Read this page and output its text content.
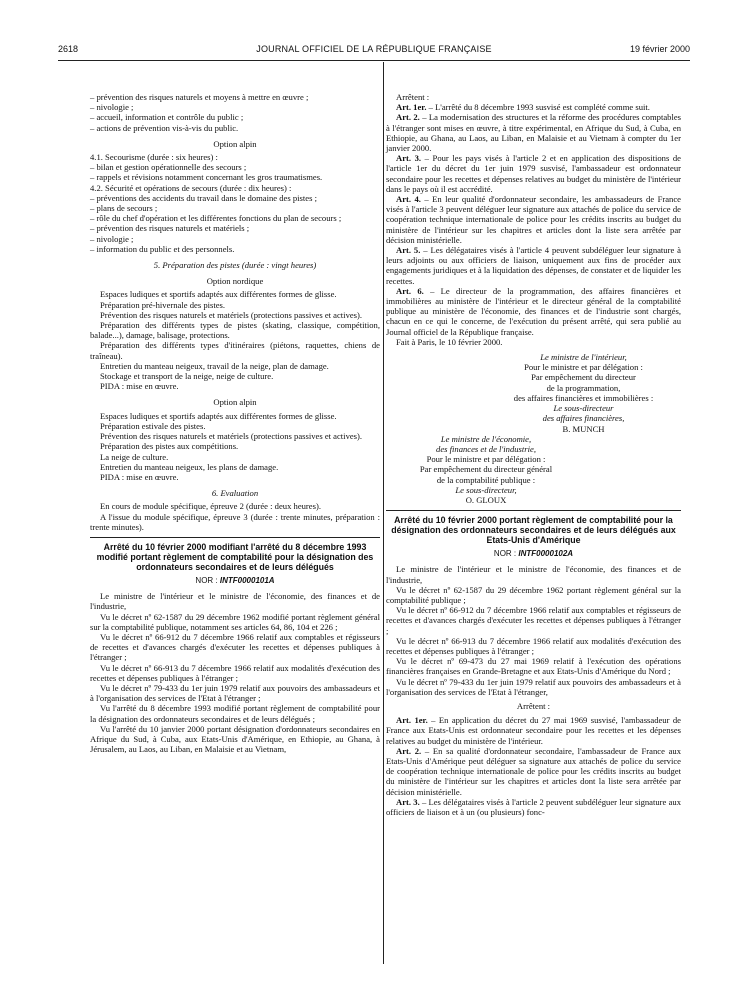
2618	JOURNAL OFFICIEL DE LA RÉPUBLIQUE FRANÇAISE	19 février 2000

– prévention des risques naturels et moyens à mettre en œuvre ;

– nivologie ;

– accueil, information et contrôle du public ;

– actions de prévention vis-à-vis du public.

Option alpin

4.1. Secourisme (durée : six heures) :

– bilan et gestion opérationnelle des secours ;

– rappels et révisions notamment concernant les gros traumatismes.

4.2. Sécurité et opérations de secours (durée : dix heures) :

– préventions des accidents du travail dans le domaine des pistes ;

– plans de secours ;

– rôle du chef d'opération et les différentes fonctions du plan de secours ;

– prévention des risques naturels et matériels ;

– nivologie ;

– information du public et des personnels.

5. Préparation des pistes (durée : vingt heures)

Option nordique

Espaces ludiques et sportifs adaptés aux différentes formes de glisse.

Préparation pré-hivernale des pistes.

Prévention des risques naturels et matériels (protections passives et actives).

Préparation des différents types de pistes (skating, classique, compétition, balade...), damage, balisage, protections.

Préparation des différents types d'itinéraires (piétons, raquettes, chiens de traîneau).

Entretien du manteau neigeux, travail de la neige, plan de damage.

Stockage et transport de la neige, neige de culture.

PIDA : mise en œuvre.

Option alpin

Espaces ludiques et sportifs adaptés aux différentes formes de glisse.

Préparation estivale des pistes.

Prévention des risques naturels et matériels (protections passives et actives).

Préparation des pistes aux compétitions.

La neige de culture.

Entretien du manteau neigeux, les plans de damage.

PIDA : mise en œuvre.

6. Evaluation

En cours de module spécifique, épreuve 2 (durée : deux heures).

A l'issue du module spécifique, épreuve 3 (durée : trente minutes, préparation : trente minutes).

Arrêté du 10 février 2000 modifiant l'arrêté du 8 décembre 1993 modifié portant règlement de comptabilité pour la désignation des ordonnateurs secondaires et de leurs délégués

NOR : INTF0000101A

Le ministre de l'intérieur et le ministre de l'économie, des finances et de l'industrie,

Vu le décret nº 62-1587 du 29 décembre 1962 modifié portant règlement général sur la comptabilité publique, notamment ses articles 64, 86, 104 et 226 ;

Vu le décret nº 66-912 du 7 décembre 1966 relatif aux comptables et régisseurs de recettes et d'avances chargés d'exécuter les recettes et dépenses publiques à l'étranger ;

Vu le décret nº 66-913 du 7 décembre 1966 relatif aux modalités d'exécution des recettes et dépenses publiques à l'étranger ;

Vu le décret nº 79-433 du 1er juin 1979 relatif aux pouvoirs des ambassadeurs et à l'organisation des services de l'Etat à l'étranger ;

Vu l'arrêté du 8 décembre 1993 modifié portant règlement de comptabilité pour la désignation des ordonnateurs secondaires et de leurs délégués ;

Vu l'arrêté du 10 janvier 2000 portant désignation d'ordonnateurs secondaires en Afrique du Sud, à Cuba, aux Etats-Unis d'Amérique, en Ethiopie, au Ghana, à Jérusalem, au Laos, au Liban, en Malaisie et au Vietnam,

Arrêtent :

Art. 1er. – L'arrêté du 8 décembre 1993 susvisé est complété comme suit.

Art. 2. – La modernisation des structures et la réforme des procédures comptables à l'étranger sont mises en œuvre, à titre expérimental, en Afrique du Sud, à Cuba, en Ethiopie, au Ghana, au Laos, au Liban, en Malaisie et au Vietnam à compter du 1er janvier 2000.

Art. 3. – Pour les pays visés à l'article 2 et en application des dispositions de l'article 1er du décret du 1er juin 1979 susvisé, l'ambassadeur est ordonnateur secondaire pour les recettes et dépenses relatives au budget du ministère de l'intérieur dans le pays où il est accrédité.

Art. 4. – En leur qualité d'ordonnateur secondaire, les ambassadeurs de France visés à l'article 3 peuvent déléguer leur signature aux attachés de police du service de coopération technique internationale de police pour les crédits inscrits au budget du ministère de l'intérieur sur les chapitres et articles dont la liste sera arrêtée par décision ministérielle.

Art. 5. – Les délégataires visés à l'article 4 peuvent subdéléguer leur signature à leurs adjoints ou aux officiers de liaison, uniquement aux fins de procéder aux engagements juridiques et à la liquidation des dépenses, de constater et de liquider les recettes.

Art. 6. – Le directeur de la programmation, des affaires financières et immobilières au ministère de l'intérieur et le directeur général de la comptabilité publique au ministère de l'économie, des finances et de l'industrie sont chargés, chacun en ce qui le concerne, de l'exécution du présent arrêté, qui sera publié au Journal officiel de la République française.

Fait à Paris, le 10 février 2000.

Le ministre de l'intérieur,

Pour le ministre et par délégation :

Par empêchement du directeur

de la programmation,

des affaires financières et immobilières :

Le sous-directeur

des affaires financières,

B. MUNCH

Le ministre de l'économie,

des finances et de l'industrie,

Pour le ministre et par délégation :

Par empêchement du directeur général

de la comptabilité publique :

Le sous-directeur,

O. GLOUX

Arrêté du 10 février 2000 portant règlement de comptabilité pour la désignation des ordonnateurs secondaires et de leurs délégués aux Etats-Unis d'Amérique

NOR : INTF0000102A

Le ministre de l'intérieur et le ministre de l'économie, des finances et de l'industrie,

Vu le décret nº 62-1587 du 29 décembre 1962 portant règlement général sur la comptabilité publique ;

Vu le décret nº 66-912 du 7 décembre 1966 relatif aux comptables et régisseurs de recettes et d'avances chargés d'exécuter les recettes et dépenses publiques à l'étranger ;

Vu le décret nº 66-913 du 7 décembre 1966 relatif aux modalités d'exécution des recettes et dépenses publiques à l'étranger ;

Vu le décret nº 69-473 du 27 mai 1969 relatif à l'exécution des opérations financières françaises en Grande-Bretagne et aux Etats-Unis d'Amérique du Nord ;

Vu le décret nº 79-433 du 1er juin 1979 relatif aux pouvoirs des ambassadeurs et à l'organisation des services de l'Etat à l'étranger,

Arrêtent :

Art. 1er. – En application du décret du 27 mai 1969 susvisé, l'ambassadeur de France aux Etats-Unis est ordonnateur secondaire pour les recettes et les dépenses relatives au budget du ministère de l'intérieur.

Art. 2. – En sa qualité d'ordonnateur secondaire, l'ambassadeur de France aux Etats-Unis d'Amérique peut déléguer sa signature aux attachés de police du service de coopération technique internationale de police pour les crédits inscrits au budget du ministère de l'intérieur sur les chapitres et articles dont la liste sera arrêtée par décision ministérielle.

Art. 3. – Les délégataires visés à l'article 2 peuvent subdéléguer leur signature aux officiers de liaison et à un (ou plusieurs) fonc-
